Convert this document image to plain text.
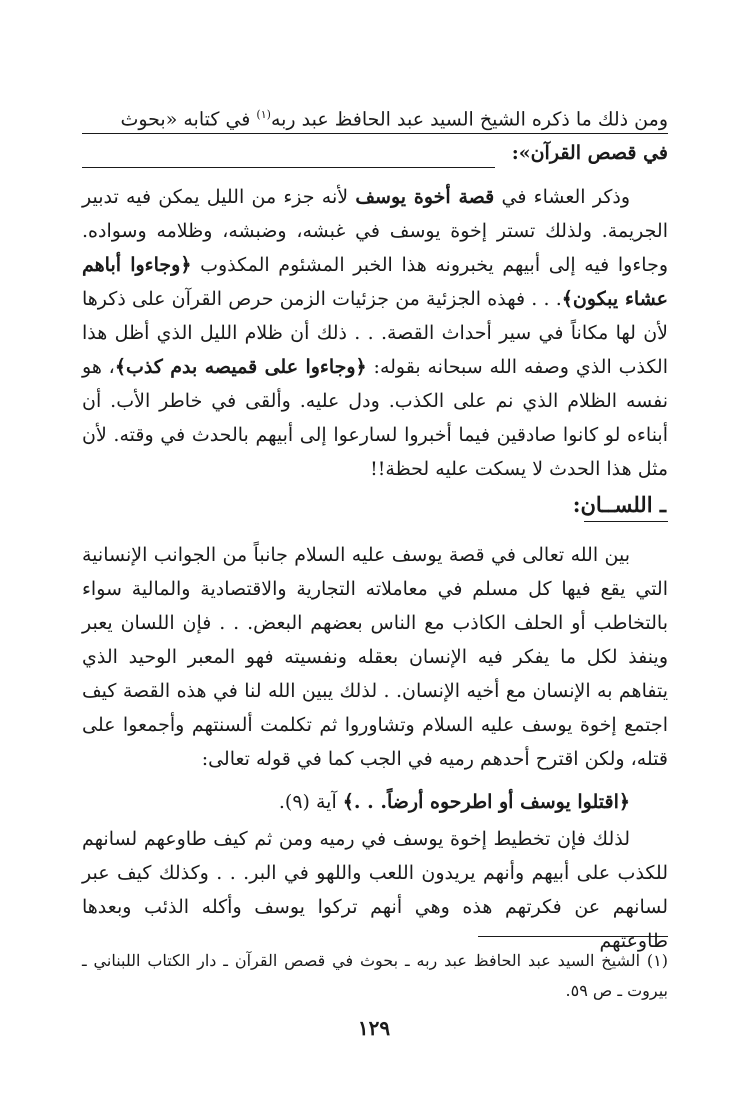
ومن ذلك ما ذكره الشيخ السيد عبد الحافظ عبد ربه$^{(١)}$ في كتابه «بحوث
في قصص القرآن»:

وذكر العشاء في قصة أخوة يوسف لأنه جزء من الليل يمكن فيه تدبير الجريمة. ولذلك تستر إخوة يوسف في غبشه، وضبشه، وظلامه وسواده. وجاءوا فيه إلى أبيهم يخبرونه هذا الخبر المشئوم المكذوب ﴿وجاءوا أباهم عشاء يبكون﴾. . . فهذه الجزئية من جزئيات الزمن حرص القرآن على ذكرها لأن لها مكاناً في سير أحداث القصة. . . ذلك أن ظلام الليل الذي أظل هذا الكذب الذي وصفه الله سبحانه بقوله: ﴿وجاءوا على قميصه بدم كذب﴾، هو نفسه الظلام الذي نم على الكذب. ودل عليه. وألقى في خاطر الأب. أن أبناءه لو كانوا صادقين فيما أخبروا لسارعوا إلى أبيهم بالحدث في وقته. لأن مثل هذا الحدث لا يسكت عليه لحظة!!

ـ اللســان:

بين الله تعالى في قصة يوسف عليه السلام جانباً من الجوانب الإنسانية التي يقع فيها كل مسلم في معاملاته التجارية والاقتصادية والمالية سواء بالتخاطب أو الحلف الكاذب مع الناس بعضهم البعض. . . فإن اللسان يعبر وينفذ لكل ما يفكر فيه الإنسان بعقله ونفسيته فهو المعبر الوحيد الذي يتفاهم به الإنسان مع أخيه الإنسان. . لذلك يبين الله لنا في هذه القصة كيف اجتمع إخوة يوسف عليه السلام وتشاوروا ثم تكلمت ألسنتهم وأجمعوا على قتله، ولكن اقترح أحدهم رميه في الجب كما في قوله تعالى:

﴿اقتلوا يوسف أو اطرحوه أرضاً. . .﴾ آية (٩).

لذلك فإن تخطيط إخوة يوسف في رميه ومن ثم كيف طاوعهم لسانهم للكذب على أبيهم وأنهم يريدون اللعب واللهو في البر. . . وكذلك كيف عبر لسانهم عن فكرتهم هذه وهي أنهم تركوا يوسف وأكله الذئب وبعدها طاوعتهم

(١) الشيخ السيد عبد الحافظ عبد ربه ـ بحوث في قصص القرآن ـ دار الكتاب اللبناني ـ بيروت ـ ص ٥٩.
١٢٩
